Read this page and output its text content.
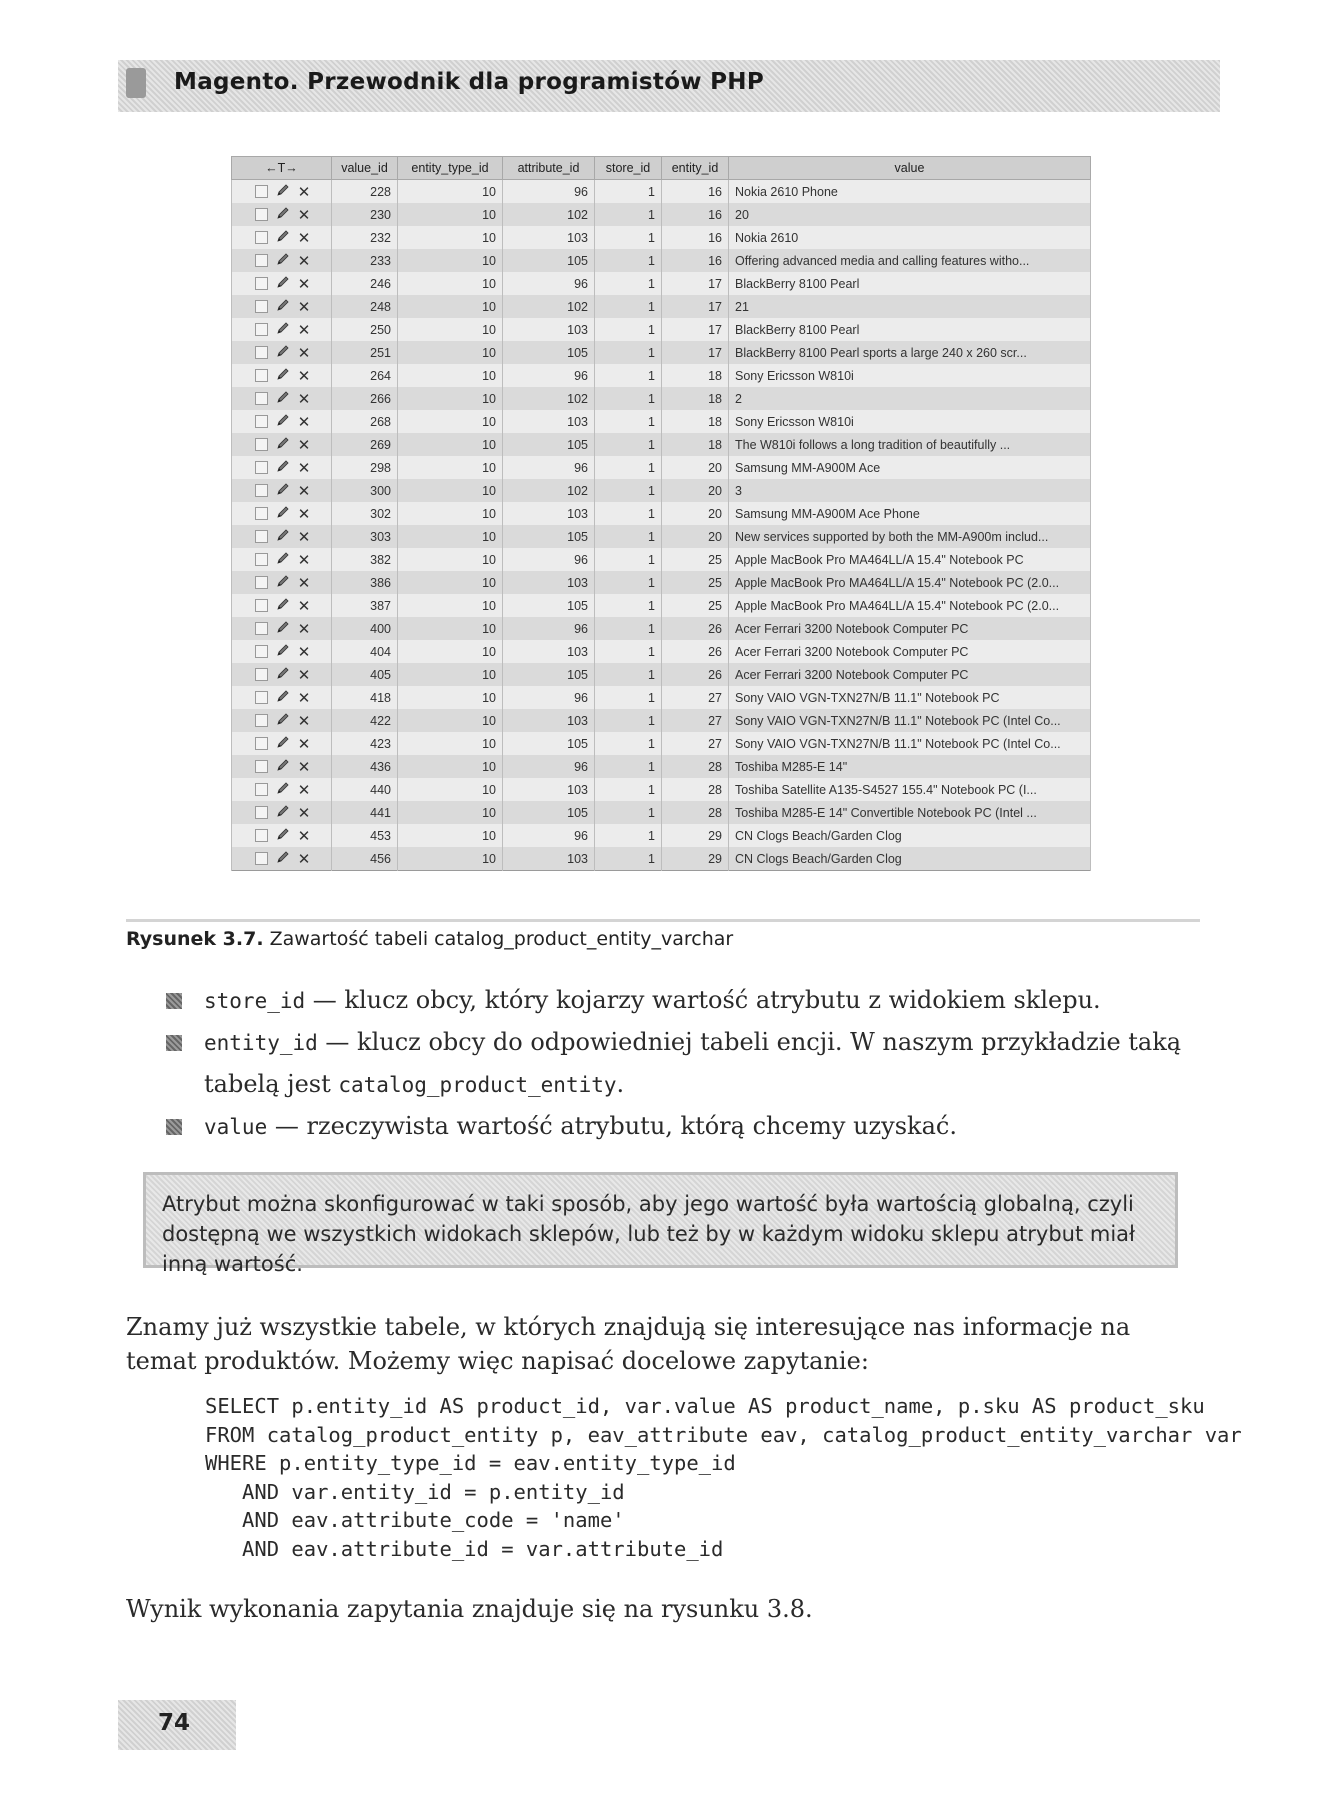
Magento. Przewodnik dla programistów PHP
←T→	value_id	entity_type_id	attribute_id	store_id	entity_id	value
✕	228	10	96	1	16	Nokia 2610 Phone
✕	230	10	102	1	16	20
✕	232	10	103	1	16	Nokia 2610
✕	233	10	105	1	16	Offering advanced media and calling features witho...
✕	246	10	96	1	17	BlackBerry 8100 Pearl
✕	248	10	102	1	17	21
✕	250	10	103	1	17	BlackBerry 8100 Pearl
✕	251	10	105	1	17	BlackBerry 8100 Pearl sports a large 240 x 260 scr...
✕	264	10	96	1	18	Sony Ericsson W810i
✕	266	10	102	1	18	2
✕	268	10	103	1	18	Sony Ericsson W810i
✕	269	10	105	1	18	The W810i follows a long tradition of beautifully ...
✕	298	10	96	1	20	Samsung MM-A900M Ace
✕	300	10	102	1	20	3
✕	302	10	103	1	20	Samsung MM-A900M Ace Phone
✕	303	10	105	1	20	New services supported by both the MM-A900m includ...
✕	382	10	96	1	25	Apple MacBook Pro MA464LL/A 15.4" Notebook PC
✕	386	10	103	1	25	Apple MacBook Pro MA464LL/A 15.4" Notebook PC (2.0...
✕	387	10	105	1	25	Apple MacBook Pro MA464LL/A 15.4" Notebook PC (2.0...
✕	400	10	96	1	26	Acer Ferrari 3200 Notebook Computer PC
✕	404	10	103	1	26	Acer Ferrari 3200 Notebook Computer PC
✕	405	10	105	1	26	Acer Ferrari 3200 Notebook Computer PC
✕	418	10	96	1	27	Sony VAIO VGN-TXN27N/B 11.1" Notebook PC
✕	422	10	103	1	27	Sony VAIO VGN-TXN27N/B 11.1" Notebook PC (Intel Co...
✕	423	10	105	1	27	Sony VAIO VGN-TXN27N/B 11.1" Notebook PC (Intel Co...
✕	436	10	96	1	28	Toshiba M285-E 14"
✕	440	10	103	1	28	Toshiba Satellite A135-S4527 155.4" Notebook PC (I...
✕	441	10	105	1	28	Toshiba M285-E 14" Convertible Notebook PC (Intel ...
✕	453	10	96	1	29	CN Clogs Beach/Garden Clog
✕	456	10	103	1	29	CN Clogs Beach/Garden Clog
Rysunek 3.7. Zawartość tabeli catalog_product_entity_varchar
store_id — klucz obcy, który kojarzy wartość atrybutu z widokiem sklepu.
entity_id — klucz obcy do odpowiedniej tabeli encji. W naszym przykładzie taką tabelą jest catalog_product_entity.
value — rzeczywista wartość atrybutu, którą chcemy uzyskać.
Atrybut można skonfigurować w taki sposób, aby jego wartość była wartością globalną, czyli dostępną we wszystkich widokach sklepów, lub też by w każdym widoku sklepu atrybut miał inną wartość.
Znamy już wszystkie tabele, w których znajdują się interesujące nas informacje na temat produktów. Możemy więc napisać docelowe zapytanie:
SELECT p.entity_id AS product_id, var.value AS product_name, p.sku AS product_sku
FROM catalog_product_entity p, eav_attribute eav, catalog_product_entity_varchar var
WHERE p.entity_type_id = eav.entity_type_id
AND var.entity_id = p.entity_id
AND eav.attribute_code = 'name'
AND eav.attribute_id = var.attribute_id
Wynik wykonania zapytania znajduje się na rysunku 3.8.
74
